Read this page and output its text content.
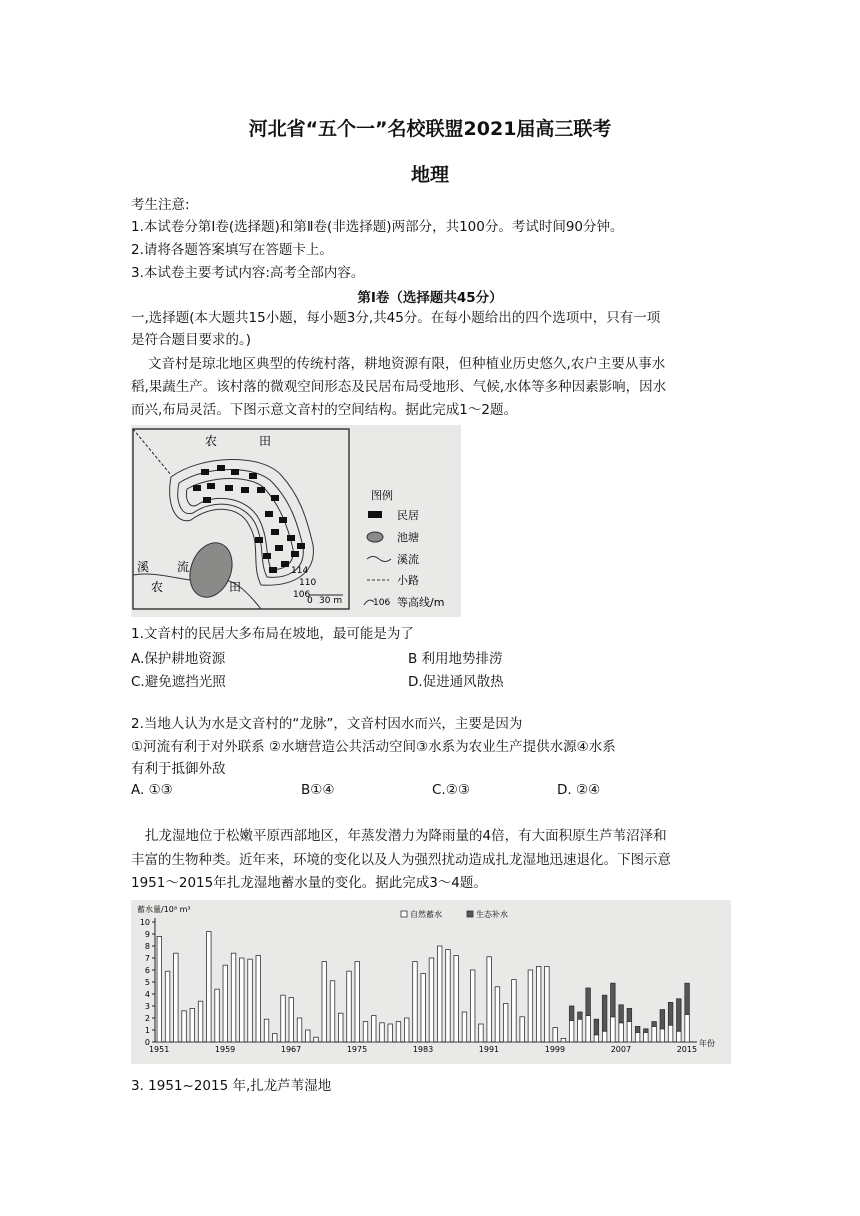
河北省“五个一”名校联盟2021届高三联考
地理
考生注意:
1.本试卷分第Ⅰ卷(选择题)和第Ⅱ卷(非选择题)两部分，共100分。考试时间90分钟。
2.请将各题答案填写在答题卡上。
3.本试卷主要考试内容:高考全部内容。
第Ⅰ卷（选择题共45分）
一,选择题(本大题共15小题，每小题3分,共45分。在每小题给出的四个选项中，只有一项
是符合题目要求的。)
文音村是琼北地区典型的传统村落，耕地资源有限，但种植业历史悠久,农户主要从事水
稻,果蔬生产。该村落的微观空间形态及民居布局受地形、气候,水体等多种因素影响，因水
而兴,布局灵活。下图示意文音村的空间结构。据此完成1～2题。
农	田
溪 流
农	田
114
110
106
0 30 m
图例
民居
池塘
溪流
小路
106 等高线/m
1.文音村的民居大多布局在坡地，最可能是为了
A.保护耕地资源	B 利用地势排涝
C.避免遮挡光照	D.促进通风散热
2.当地人认为水是文音村的“龙脉”，文音村因水而兴，主要是因为
①河流有利于对外联系 ②水塘营造公共活动空间③水系为农业生产提供水源④水系
有利于抵御外敌
A. ①③	B①④	C.②③	D. ②④
扎龙湿地位于松嫩平原西部地区，年蒸发潜力为降雨量的4倍，有大面积原生芦苇沼泽和
丰富的生物种类。近年来，环境的变化以及人为强烈扰动造成扎龙湿地迅速退化。下图示意
1951～2015年扎龙湿地蓄水量的变化。据此完成3～4题。
蓄水量/10⁸ m³
自然蓄水	生态补水
0
1
2
3
4
5
6
7
8
9
10
1951	1959	1967	1975	1983	1991	1999	2007	2015
年份
3. 1951~2015 年,扎龙芦苇湿地
